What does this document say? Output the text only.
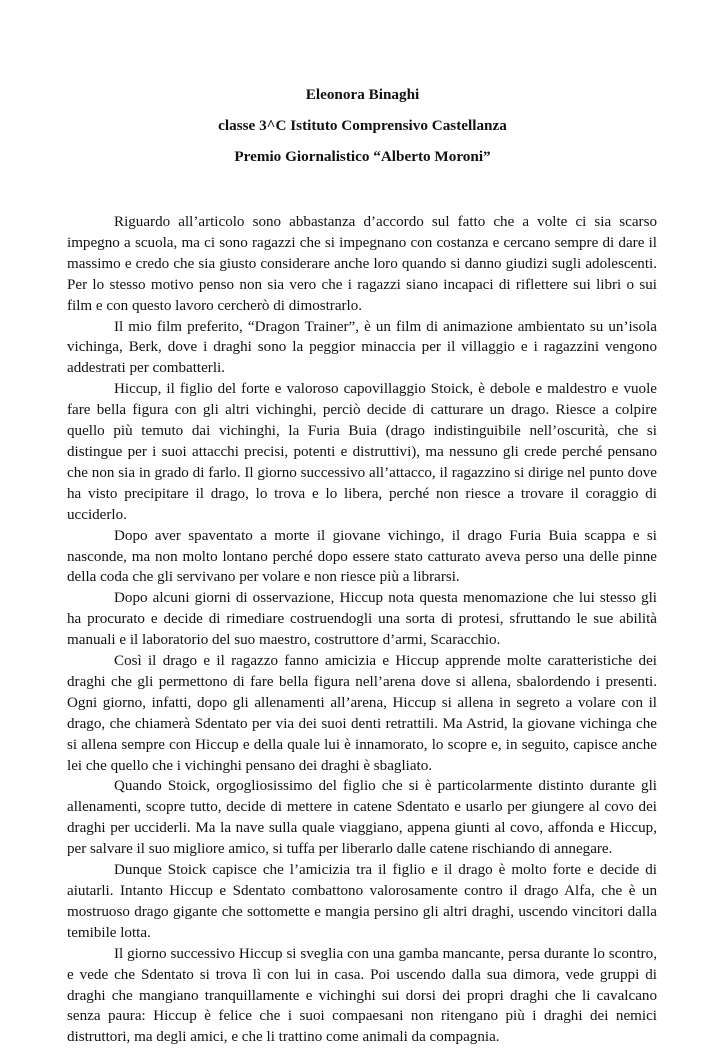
Eleonora Binaghi
classe 3^C Istituto Comprensivo Castellanza
Premio Giornalistico “Alberto Moroni”

Riguardo all’articolo sono abbastanza d’accordo sul fatto che a volte ci sia scarso impegno a scuola, ma ci sono ragazzi che si impegnano con costanza e cercano sempre di dare il massimo e credo che sia giusto considerare anche loro quando si danno giudizi sugli adolescenti. Per lo stesso motivo penso non sia vero che i ragazzi siano incapaci di riflettere sui libri o sui film e con questo lavoro cercherò di dimostrarlo.

Il mio film preferito, “Dragon Trainer”, è un film di animazione ambientato su un’isola vichinga, Berk, dove i draghi sono la peggior minaccia per il villaggio e i ragazzini vengono addestrati per combatterli.

Hiccup, il figlio del forte e valoroso capovillaggio Stoick, è debole e maldestro e vuole fare bella figura con gli altri vichinghi, perciò decide di catturare un drago. Riesce a colpire quello più temuto dai vichinghi, la Furia Buia (drago indistinguibile nell’oscurità, che si distingue per i suoi attacchi precisi, potenti e distruttivi), ma nessuno gli crede perché pensano che non sia in grado di farlo. Il giorno successivo all’attacco, il ragazzino si dirige nel punto dove ha visto precipitare il drago, lo trova e lo libera, perché non riesce a trovare il coraggio di ucciderlo.

Dopo aver spaventato a morte il giovane vichingo, il drago Furia Buia scappa e si nasconde, ma non molto lontano perché dopo essere stato catturato aveva perso una delle pinne della coda che gli servivano per volare e non riesce più a librarsi.

Dopo alcuni giorni di osservazione, Hiccup nota questa menomazione che lui stesso gli ha procurato e decide di rimediare costruendogli una sorta di protesi, sfruttando le sue abilità manuali e il laboratorio del suo maestro, costruttore d’armi, Scaracchio.

Così il drago e il ragazzo fanno amicizia e Hiccup apprende molte caratteristiche dei draghi che gli permettono di fare bella figura nell’arena dove si allena, sbalordendo i presenti. Ogni giorno, infatti, dopo gli allenamenti all’arena, Hiccup si allena in segreto a volare con il drago, che chiamerà Sdentato per via dei suoi denti retrattili. Ma Astrid, la giovane vichinga che si allena sempre con Hiccup e della quale lui è innamorato, lo scopre e, in seguito, capisce anche lei che quello che i vichinghi pensano dei draghi è sbagliato.

Quando Stoick, orgogliosissimo del figlio che si è particolarmente distinto durante gli allenamenti, scopre tutto, decide di mettere in catene Sdentato e usarlo per giungere al covo dei draghi per ucciderli. Ma la nave sulla quale viaggiano, appena giunti al covo, affonda e Hiccup, per salvare il suo migliore amico, si tuffa per liberarlo dalle catene rischiando di annegare.

Dunque Stoick capisce che l’amicizia tra il figlio e il drago è molto forte e decide di aiutarli. Intanto Hiccup e Sdentato combattono valorosamente contro il drago Alfa, che è un mostruoso drago gigante che sottomette e mangia persino gli altri draghi, uscendo vincitori dalla temibile lotta.

Il giorno successivo Hiccup si sveglia con una gamba mancante, persa durante lo scontro, e vede che Sdentato si trova lì con lui in casa. Poi uscendo dalla sua dimora, vede gruppi di draghi che mangiano tranquillamente e vichinghi sui dorsi dei propri draghi che li cavalcano senza paura: Hiccup è felice che i suoi compaesani non ritengano più i draghi dei nemici distruttori, ma degli amici, e che li trattino come animali da compagnia.
